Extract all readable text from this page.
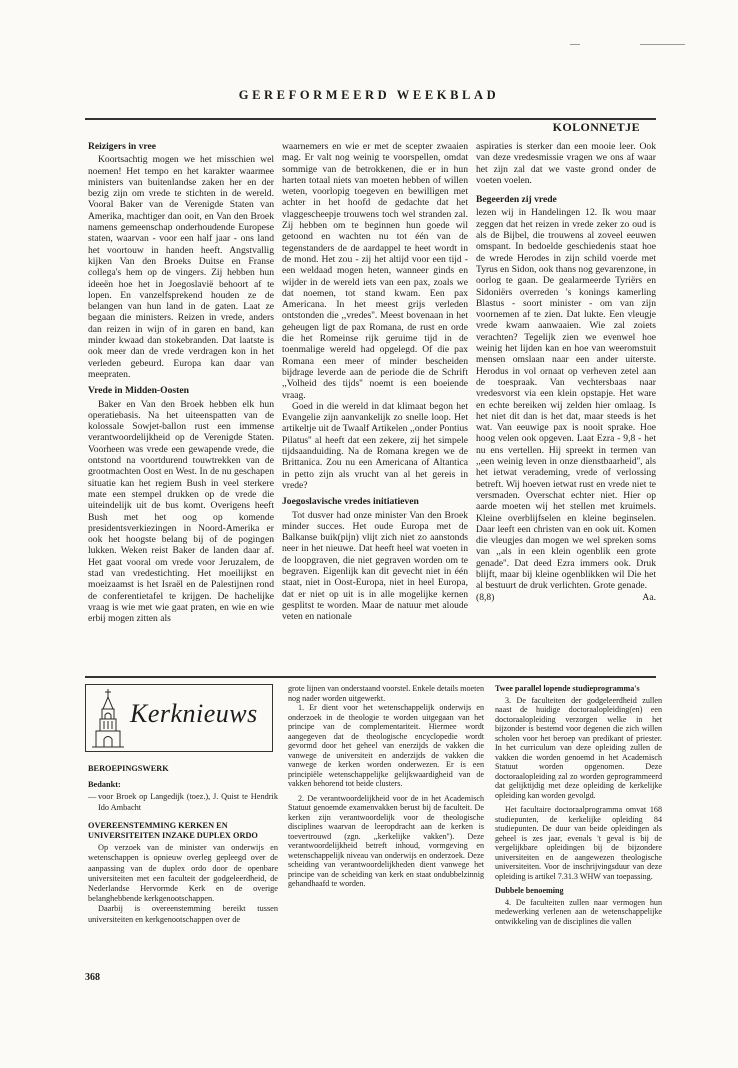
GEREFORMEERD WEEKBLAD
KOLONNETJE
Reizigers in vree

Koortsachtig mogen we het misschien wel noemen! Het tempo en het karakter waarmee ministers van buitenlandse zaken her en der bezig zijn om vrede te stichten in de wereld. Vooral Baker van de Verenigde Staten van Amerika, machtiger dan ooit, en Van den Broek namens gemeenschap onderhoudende Europese staten, waarvan - voor een half jaar - ons land het voortouw in handen heeft. Angstvallig kijken Van den Broeks Duitse en Franse collega's hem op de vingers. Zij hebben hun ideeën hoe het in Joegoslavië behoort af te lopen. En vanzelfsprekend houden ze de belangen van hun land in de gaten. Laat ze begaan die ministers. Reizen in vrede, anders dan reizen in wijn of in garen en band, kan minder kwaad dan stokebranden. Dat laatste is ook meer dan de vrede verdragen kon in het verleden gebeurd. Europa kan daar van meepraten.

Vrede in Midden-Oosten

Baker en Van den Broek hebben elk hun operatiebasis. Na het uiteenspatten van de kolossale Sowjet-ballon rust een immense verantwoordelijkheid op de Verenigde Staten. Voorheen was vrede een gewapende vrede, die ontstond na voortdurend touwtrekken van de grootmachten Oost en West. In de nu geschapen situatie kan het regiem Bush in veel sterkere mate een stempel drukken op de vrede die uiteindelijk uit de bus komt. Overigens heeft Bush met het oog op komende presidentsverkiezingen in Noord-Amerika er ook het hoogste belang bij of de pogingen lukken. Weken reist Baker de landen daar af. Het gaat vooral om vrede voor Jeruzalem, de stad van vredestichting. Het moeilijkst en moeizaamst is het Israël en de Palestijnen rond de conferentietafel te krijgen. De hachelijke vraag is wie met wie gaat praten, en wie en wie erbij mogen zitten als

waarnemers en wie er met de scepter zwaaien mag. Er valt nog weinig te voorspellen, omdat sommige van de betrokkenen, die er in hun harten totaal niets van moeten hebben of willen weten, voorlopig toegeven en bewilligen met achter in het hoofd de gedachte dat het vlaggescheepje trouwens toch wel stranden zal. Zij hebben om te beginnen hun goede wil getoond en wachten nu tot één van de tegenstanders de de aardappel te heet wordt in de mond. Het zou - zij het altijd voor een tijd - een weldaad mogen heten, wanneer ginds en wijder in de wereld iets van een pax, zoals we dat noemen, tot stand kwam. Een pax Americana. In het meest grijs verleden ontstonden die ,,vredes''. Meest bovenaan in het geheugen ligt de pax Romana, de rust en orde die het Romeinse rijk geruime tijd in de toenmalige wereld had opgelegd. Of die pax Romana een meer of minder bescheiden bijdrage leverde aan de periode die de Schrift ,,Volheid des tijds'' noemt is een boeiende vraag.

Goed in die wereld in dat klimaat begon het Evangelie zijn aanvankelijk zo snelle loop. Het artikeltje uit de Twaalf Artikelen ,,onder Pontius Pilatus'' al heeft dat een zekere, zij het simpele tijdsaanduiding. Na de Romana kregen we de Brittanica. Zou nu een Americana of Altantica in petto zijn als vrucht van al het gereis in vrede?

Joegoslavische vredes initiatieven

Tot dusver had onze minister Van den Broek minder succes. Het oude Europa met de Balkanse buik(pijn) vlijt zich niet zo aanstonds neer in het nieuwe. Dat heeft heel wat voeten in de loopgraven, die niet gegraven worden om te begraven. Eigenlijk kan dit gevecht niet in één staat, niet in Oost-Europa, niet in heel Europa, dat er niet op uit is in alle mogelijke kernen gesplitst te worden. Maar de natuur met aloude veten en nationale

aspiraties is sterker dan een mooie leer. Ook van deze vredesmissie vragen we ons af waar het zijn zal dat we vaste grond onder de voeten voelen.

Begeerden zij vrede

lezen wij in Handelingen 12. Ik wou maar zeggen dat het reizen in vrede zeker zo oud is als de Bijbel, die trouwens al zoveel eeuwen omspant. In bedoelde geschiedenis staat hoe de wrede Herodes in zijn schild voerde met Tyrus en Sidon, ook thans nog gevarenzone, in oorlog te gaan. De gealarmeerde Tyriërs en Sidoniërs overreden 's konings kamerling Blastus - soort minister - om van zijn voornemen af te zien. Dat lukte. Een vleugje vrede kwam aanwaaien. Wie zal zoiets verachten? Tegelijk zien we evenwel hoe weinig het lijden kan en hoe van weeromstuit mensen omslaan naar een ander uiterste. Herodus in vol ornaat op verheven zetel aan de toespraak. Van vechtersbaas naar vredesvorst via een klein opstapje. Het ware en echte bereiken wij zelden hier omlaag. Is het niet dit dan is het dat, maar steeds is het wat. Van eeuwige pax is nooit sprake. Hoe hoog velen ook opgeven. Laat Ezra - 9,8 - het nu ens vertellen. Hij spreekt in termen van ,,een weinig leven in onze dienstbaarheid'', als het ietwat verademing, vrede of verlossing betreft. Wij hoeven ietwat rust en vrede niet te versmaden. Overschat echter niet. Hier op aarde moeten wij het stellen met kruimels. Kleine overblijfselen en kleine beginselen. Daar leeft een christen van en ook uit. Komen die vleugjes dan mogen we wel spreken soms van ,,als in een klein ogenblik een grote genade''. Dat deed Ezra immers ook. Druk blijft, maar bij kleine ogenblikken wil Die het al bestuurt de druk verlichten. Grote genade.

(8,8)	Aa.
Kerknieuws
BEROEPINGSWERK
Bedankt:
— voor Broek op Langedijk (toez.), J. Quist te Hendrik Ido Ambacht
OVEREENSTEMMING KERKEN EN UNIVERSITEITEN INZAKE DUPLEX ORDO

Op verzoek van de minister van onderwijs en wetenschappen is opnieuw overleg gepleegd over de aanpassing van de duplex ordo door de openbare universiteiten met een faculteit der godgeleerdheid, de Nederlandse Hervormde Kerk en de overige belanghebbende kerkgenootschappen.

Daarbij is overeenstemming bereikt tussen universiteiten en kerkgenootschappen over de

368

grote lijnen van onderstaand voorstel. Enkele details moeten nog nader worden uitgewerkt.

1. Er dient voor het wetenschappelijk onderwijs en onderzoek in de theologie te worden uitgegaan van het principe van de complementariteit. Hiermee wordt aangegeven dat de theologische encyclopedie wordt gevormd door het geheel van enerzijds de vakken die vanwege de universiteit en anderzijds de vakken die vanwege de kerken worden onderwezen. Er is een principiële wetenschappelijke gelijkwaardigheid van de vakken behorend tot beide clusters.

2. De verantwoordelijkheid voor de in het Academisch Statuut genoemde examenvakken berust bij de faculteit. De kerken zijn verantwoordelijk voor de theologische disciplines waarvan de leeropdracht aan de kerken is toevertrouwd (zgn. ,,kerkelijke vakken''). Deze verantwoordelijkheid betreft inhoud, vormgeving en wetenschappelijk niveau van onderwijs en onderzoek. Deze scheiding van verantwoordelijkheden dient vanwege het principe van de scheiding van kerk en staat ondubbelzinnig gehandhaafd te worden.

Twee parallel lopende studieprogramma's

3. De faculteiten der godgeleerdheid zullen naast de huidige doctoraalopleiding(en) een doctoraalopleiding verzorgen welke in het bijzonder is bestemd voor degenen die zich willen scholen voor het beroep van predikant of priester. In het curriculum van deze opleiding zullen de vakken die worden genoemd in het Academisch Statuut worden opgenomen. Deze doctoraalopleiding zal zo worden geprogrammeerd dat gelijktijdig met deze opleiding de kerkelijke opleiding kan worden gevolgd.

Het facultaire doctoraalprogramma omvat 168 studiepunten, de kerkelijke opleiding 84 studiepunten. De duur van beide opleidingen als geheel is zes jaar, evenals 't geval is bij de vergelijkbare opleidingen bij de bijzondere universiteiten en de aangewezen theologische universiteiten. Voor de inschrijvingsduur van deze opleiding is artikel 7.31.3 WHW van toepassing.

Dubbele benoeming

4. De faculteiten zullen naar vermogen hun medewerking verlenen aan de wetenschappelijke ontwikkeling van de disciplines die vallen
